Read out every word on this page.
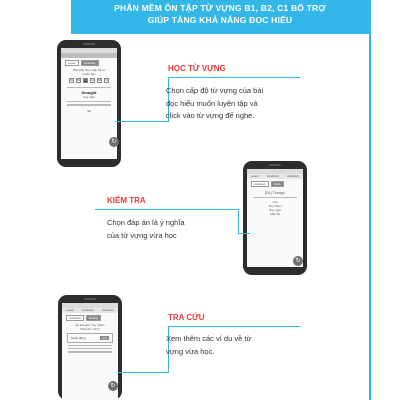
PHẦN MỀM ÔN TẬP TỪ VỰNG B1, B2, C1 BỔ TRỢ
GIÚP TĂNG KHẢ NĂNG ĐỌC HIỂU
Lesson	Vocabulary
Bạn hãy chọn cấp độ từ
muốn học
B1	B2	C1	C2	B3	C4
thought
Suy nghĩ
tiết
↻
Lesson	Vocabulary	Vocabulary
Vocabulary	Check
[B1] Though
Lúc
Tuy nhiên
Suy nghĩ
Mặc dù
↻
Lesson	Vocabulary	Vocabulary
Vocabulary	Reading
[b] thought: Tuy nhiên
Phát âm: /θɔːt/
Danh động	Xem
↻
HỌC TỪ VỰNG
Chọn cấp độ từ vựng của bài
đọc hiểu muốn luyện tập và
click vào từ vựng để nghe.
KIỂM TRA
Chọn đáp án là ý nghĩa
của từ vựng vừa học
TRA CỨU
Xem thêm các ví dụ về từ
vựng vừa học.
